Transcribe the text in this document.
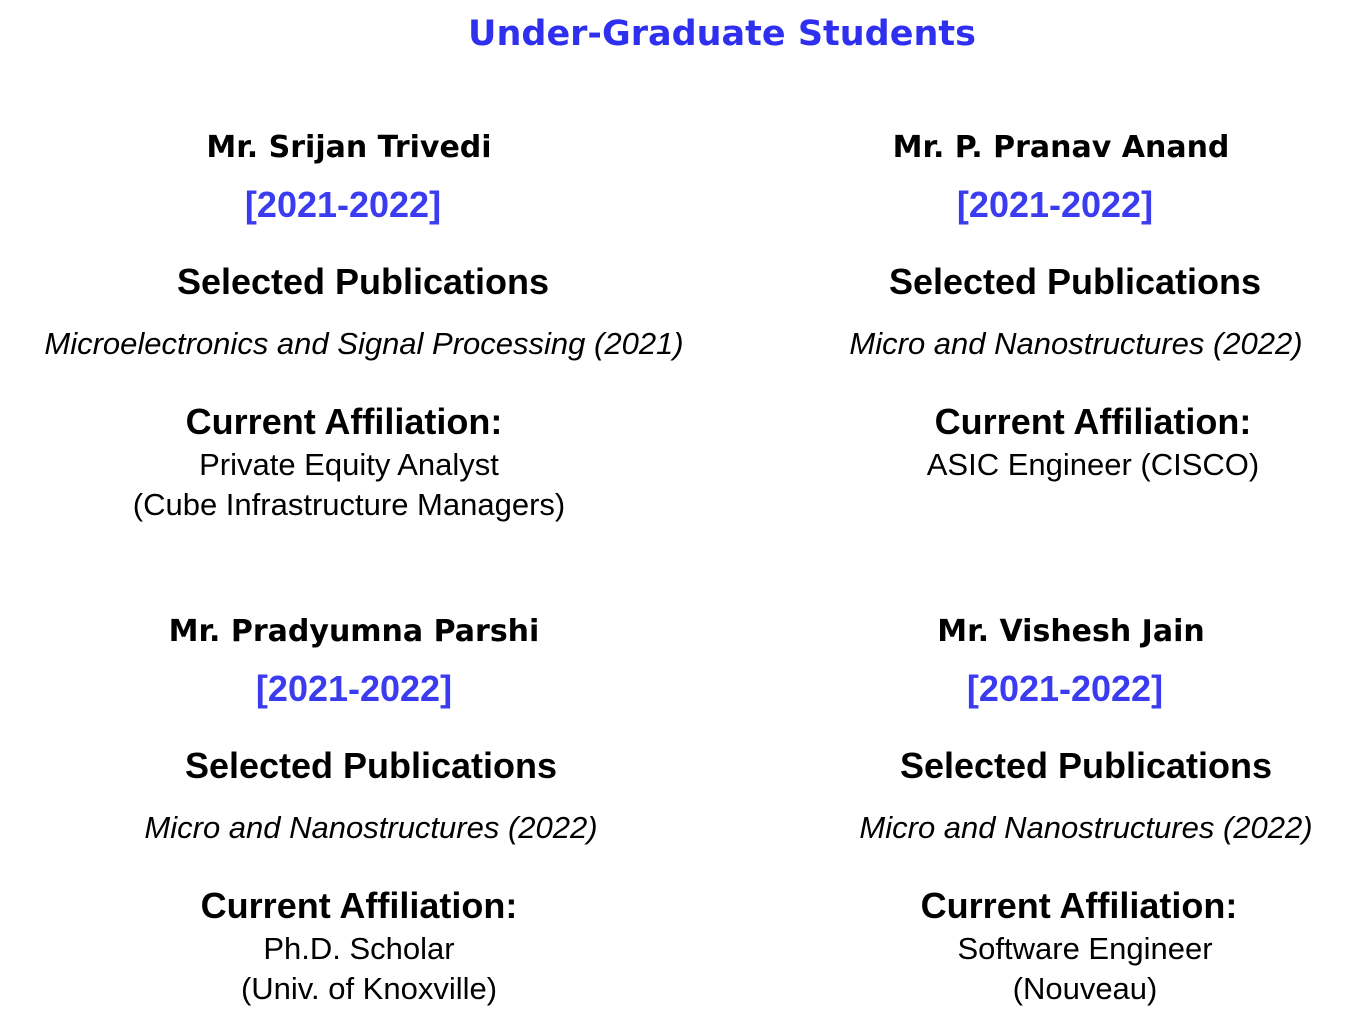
Under-Graduate Students
Mr. Srijan Trivedi
[2021-2022]
Selected Publications
Microelectronics and Signal Processing (2021)
Current Affiliation:
Private Equity Analyst
(Cube Infrastructure Managers)
Mr. P. Pranav Anand
[2021-2022]
Selected Publications
Micro and Nanostructures (2022)
Current Affiliation:
ASIC Engineer (CISCO)
Mr. Pradyumna Parshi
[2021-2022]
Selected Publications
Micro and Nanostructures (2022)
Current Affiliation:
Ph.D. Scholar
(Univ. of Knoxville)
Mr. Vishesh Jain
[2021-2022]
Selected Publications
Micro and Nanostructures (2022)
Current Affiliation:
Software Engineer
(Nouveau)
